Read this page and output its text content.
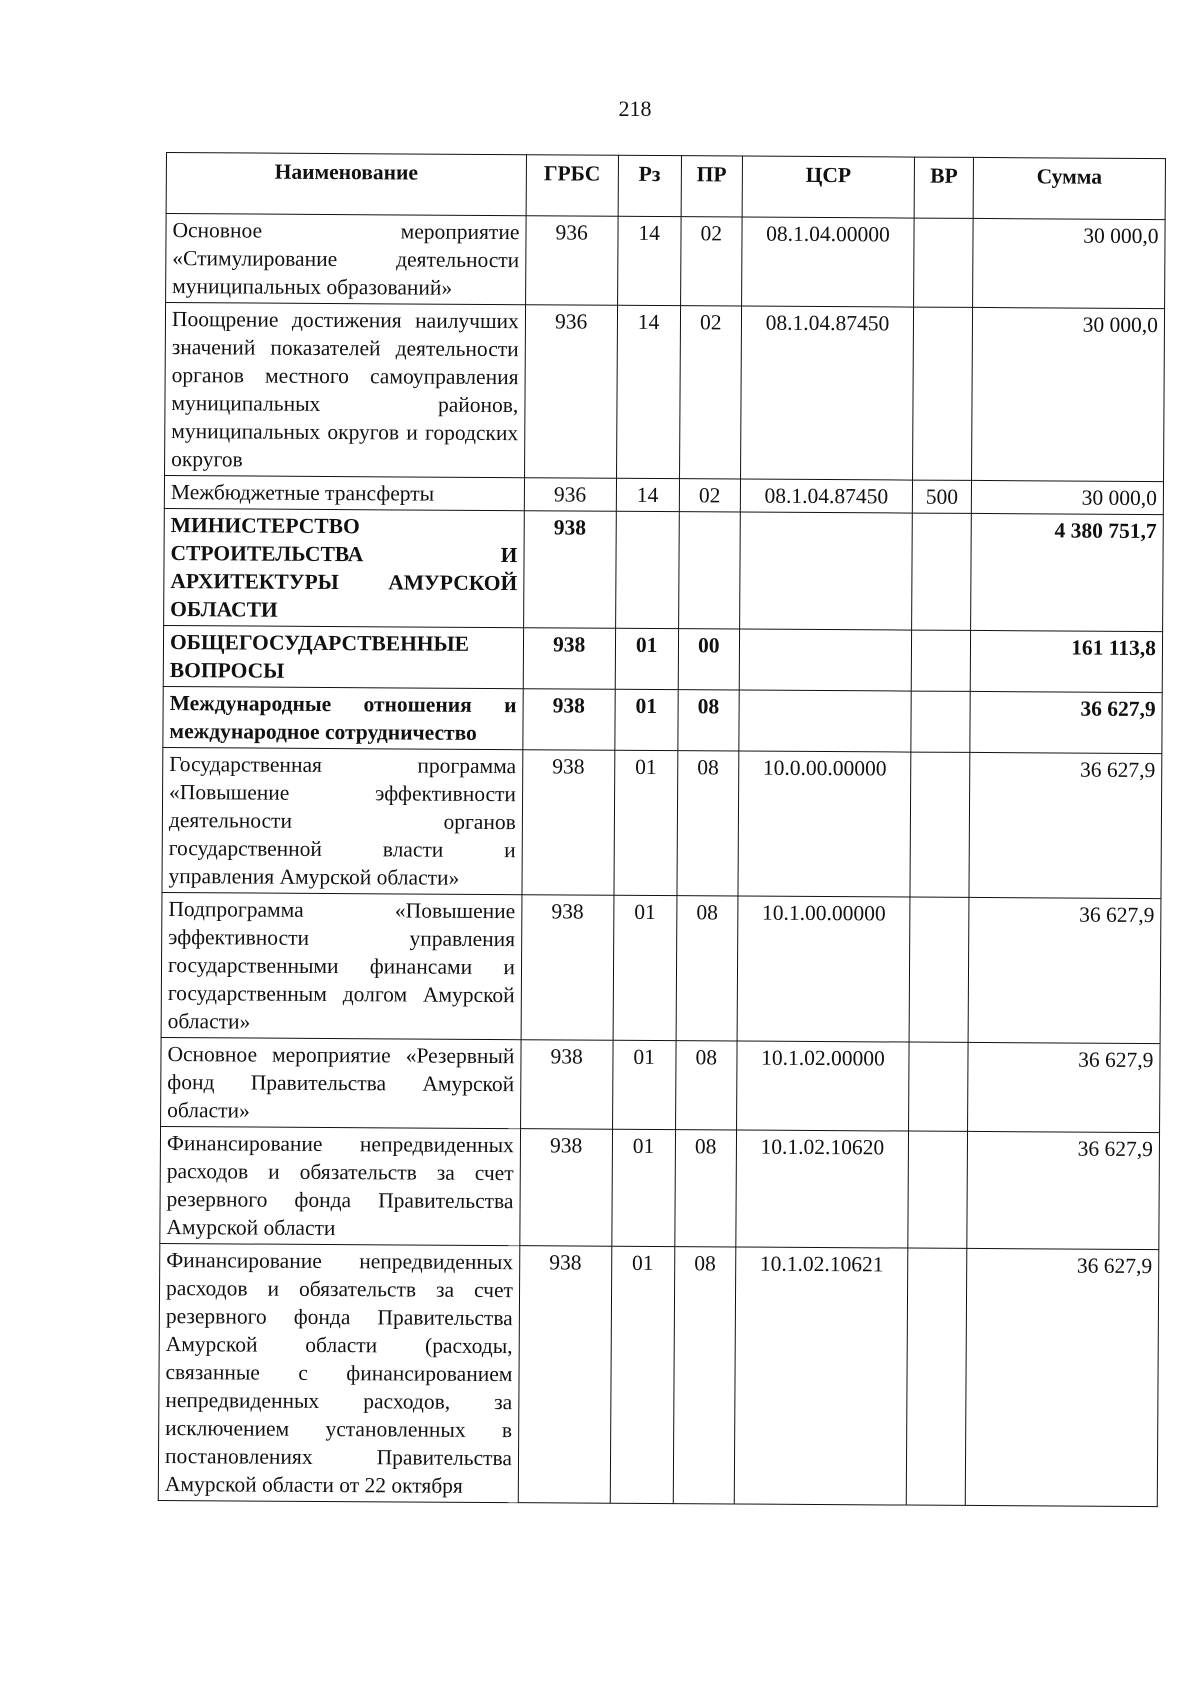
218
Наименование	ГРБС	Рз	ПР	ЦСР	ВР	Сумма
Основное мероприятие «Стимулирование деятельности муниципальных образований»	936	14	02	08.1.04.00000		30 000,0
Поощрение достижения наилучших значений показателей деятельности органов местного самоуправления муниципальных районов, муниципальных округов и городских округов	936	14	02	08.1.04.87450		30 000,0
Межбюджетные трансферты	936	14	02	08.1.04.87450	500	30 000,0
МИНИСТЕРСТВО СТРОИТЕЛЬСТВА И АРХИТЕКТУРЫ АМУРСКОЙ ОБЛАСТИ	938					4 380 751,7
ОБЩЕГОСУДАРСТВЕННЫЕ ВОПРОСЫ	938	01	00			161 113,8
Международные отношения и международное сотрудничество	938	01	08			36 627,9
Государственная программа «Повышение эффективности деятельности органов государственной власти и управления Амурской области»	938	01	08	10.0.00.00000		36 627,9
Подпрограмма «Повышение эффективности управления государственными финансами и государственным долгом Амурской области»	938	01	08	10.1.00.00000		36 627,9
Основное мероприятие «Резервный фонд Правительства Амурской области»	938	01	08	10.1.02.00000		36 627,9
Финансирование непредвиденных расходов и обязательств за счет резервного фонда Правительства Амурской области	938	01	08	10.1.02.10620		36 627,9
Финансирование непредвиденных расходов и обязательств за счет резервного фонда Правительства Амурской области (расходы, связанные с финансированием непредвиденных расходов, за исключением установленных в постановлениях Правительства Амурской области от 22 октября	938	01	08	10.1.02.10621		36 627,9
